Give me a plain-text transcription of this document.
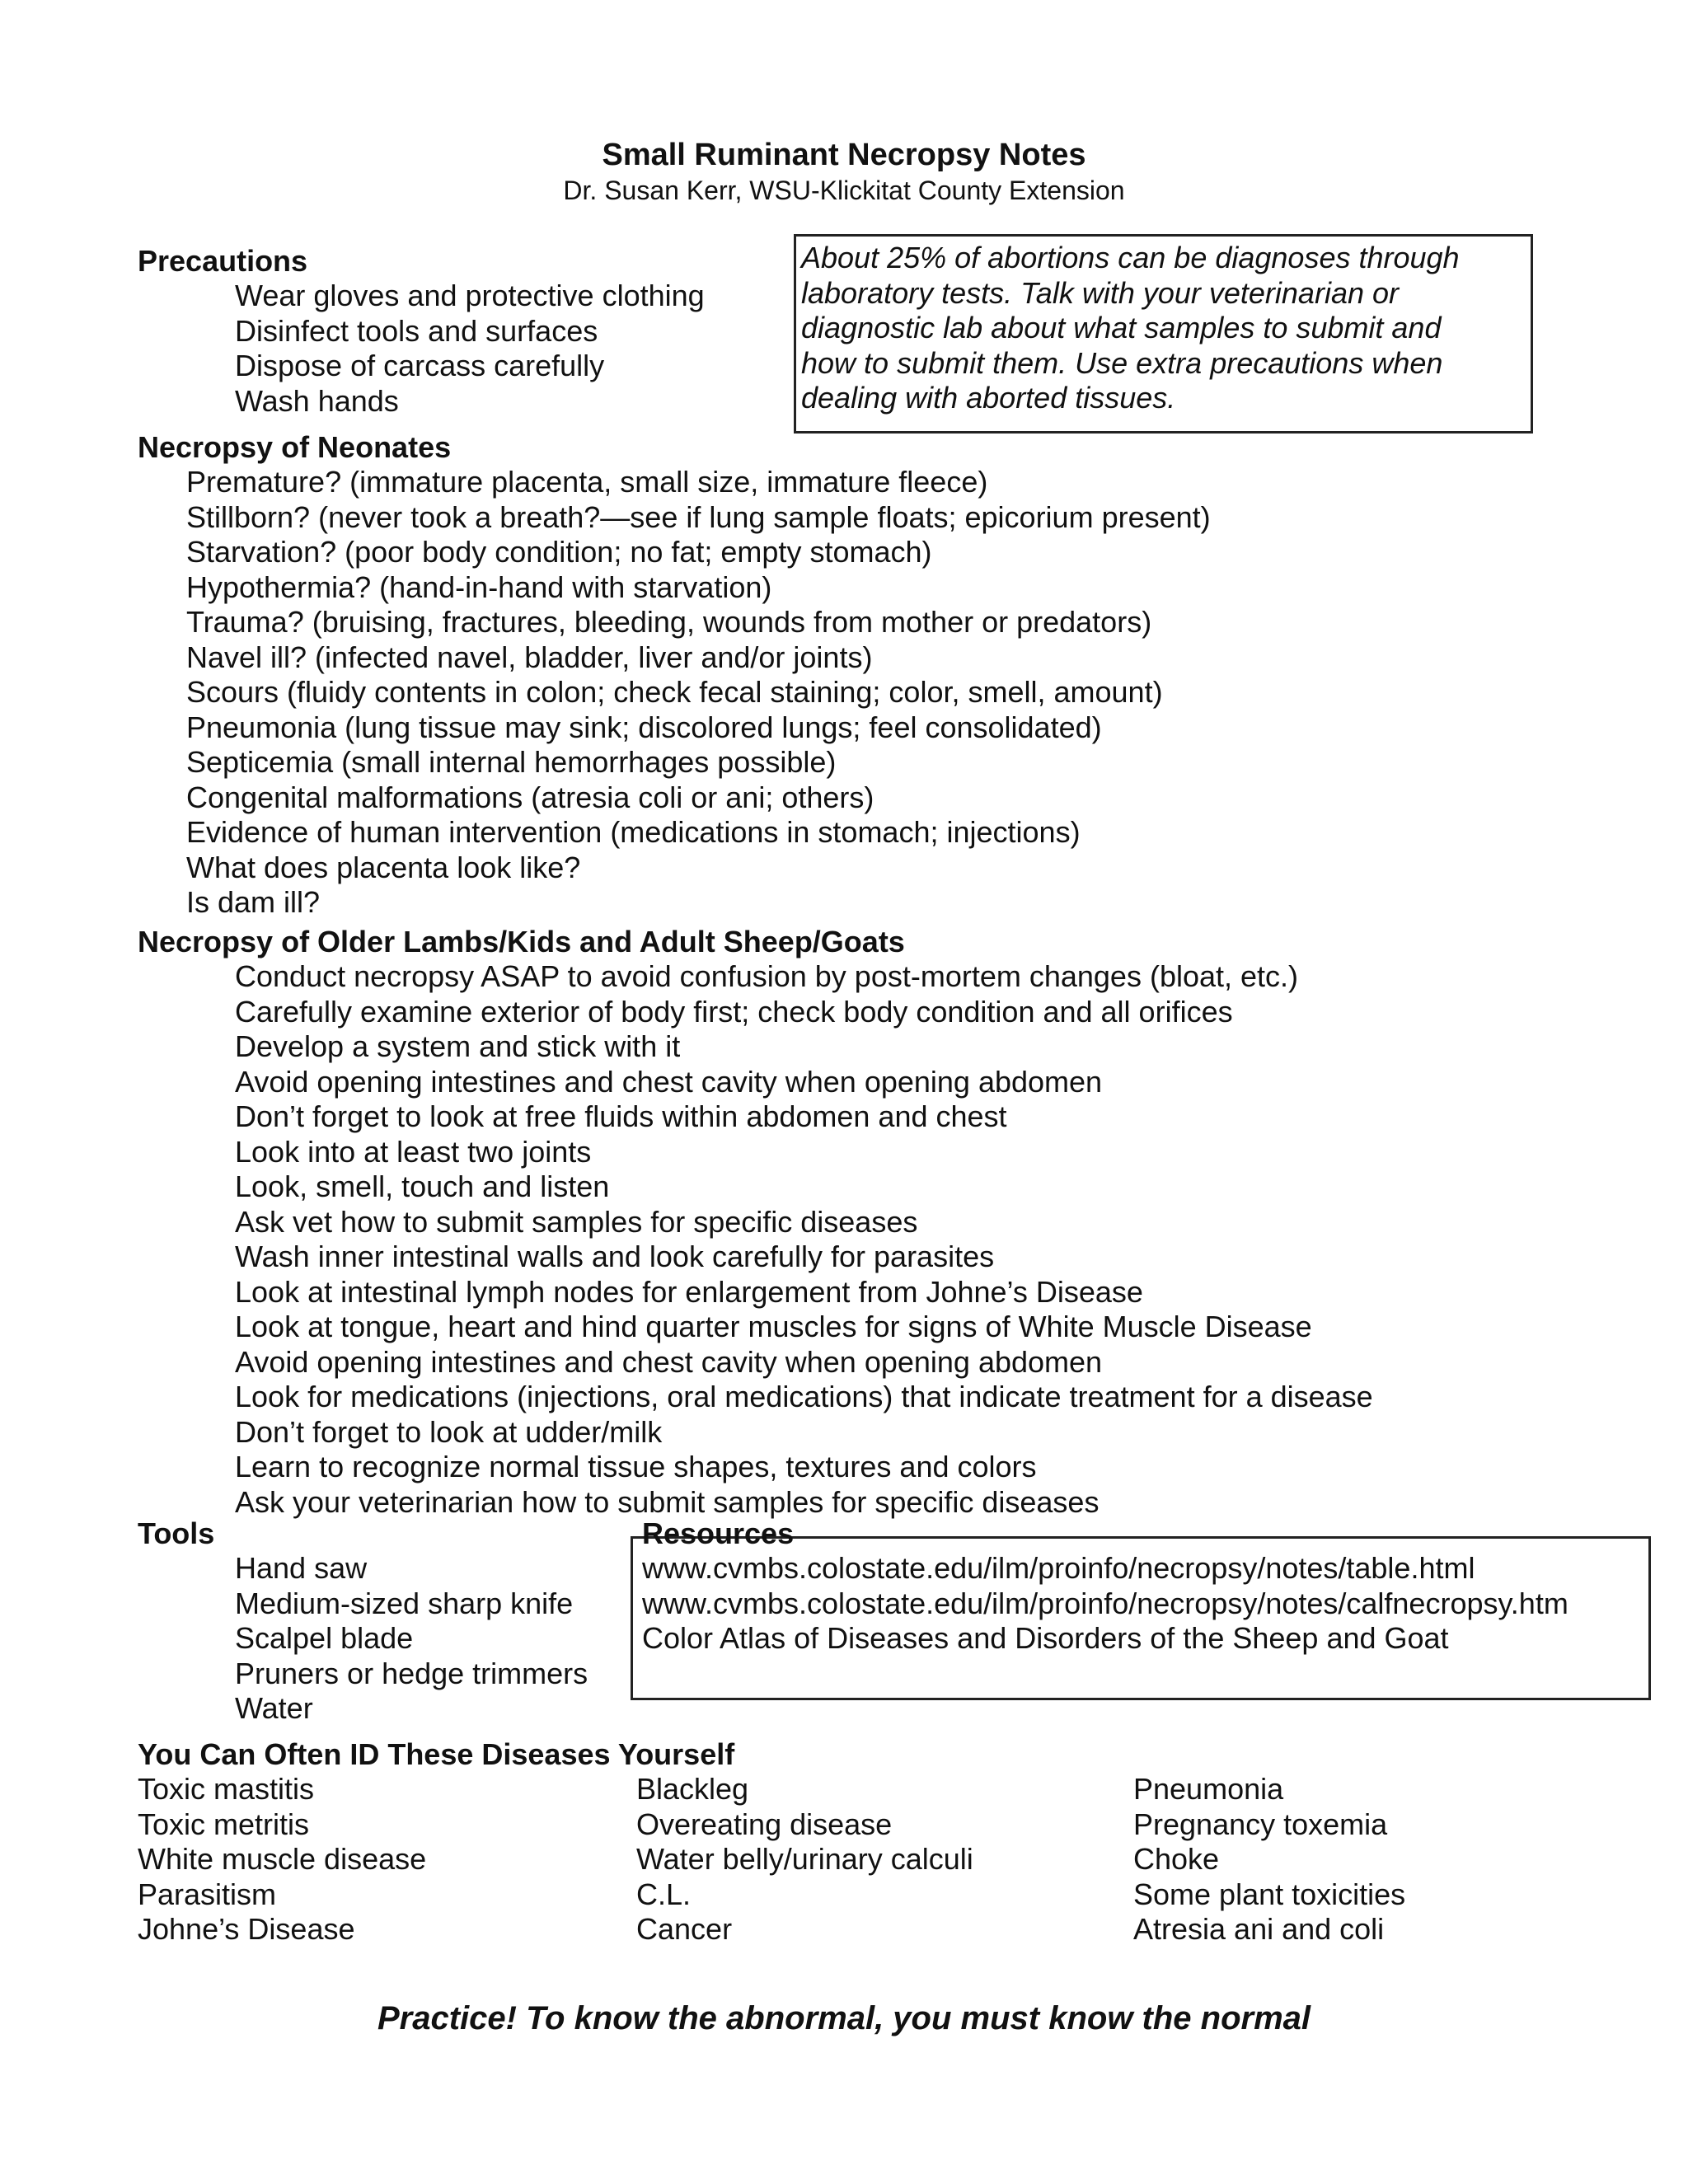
Small Ruminant Necropsy Notes
Dr. Susan Kerr, WSU-Klickitat County Extension
Precautions
Wear gloves and protective clothing
Disinfect tools and surfaces
Dispose of carcass carefully
Wash hands
About 25% of abortions can be diagnoses through
laboratory tests. Talk with your veterinarian or
diagnostic lab about what samples to submit and
how to submit them. Use extra precautions when
dealing with aborted tissues.
Necropsy of Neonates
Premature? (immature placenta, small size, immature fleece)
Stillborn? (never took a breath?—see if lung sample floats; epicorium present)
Starvation? (poor body condition; no fat; empty stomach)
Hypothermia? (hand-in-hand with starvation)
Trauma? (bruising, fractures, bleeding, wounds from mother or predators)
Navel ill? (infected navel, bladder, liver and/or joints)
Scours (fluidy contents in colon; check fecal staining; color, smell, amount)
Pneumonia (lung tissue may sink; discolored lungs; feel consolidated)
Septicemia (small internal hemorrhages possible)
Congenital malformations (atresia coli or ani; others)
Evidence of human intervention (medications in stomach; injections)
What does placenta look like?
Is dam ill?
Necropsy of Older Lambs/Kids and Adult Sheep/Goats
Conduct necropsy ASAP to avoid confusion by post-mortem changes (bloat, etc.)
Carefully examine exterior of body first; check body condition and all orifices
Develop a system and stick with it
Avoid opening intestines and chest cavity when opening abdomen
Don’t forget to look at free fluids within abdomen and chest
Look into at least two joints
Look, smell, touch and listen
Ask vet how to submit samples for specific diseases
Wash inner intestinal walls and look carefully for parasites
Look at intestinal lymph nodes for enlargement from Johne’s Disease
Look at tongue, heart and hind quarter muscles for signs of White Muscle Disease
Avoid opening intestines and chest cavity when opening abdomen
Look for medications (injections, oral medications) that indicate treatment for a disease
Don’t forget to look at udder/milk
Learn to recognize normal tissue shapes, textures and colors
Ask your veterinarian how to submit samples for specific diseases
Tools
Hand saw
Medium-sized sharp knife
Scalpel blade
Pruners or hedge trimmers
Water
Resources
www.cvmbs.colostate.edu/ilm/proinfo/necropsy/notes/table.html
www.cvmbs.colostate.edu/ilm/proinfo/necropsy/notes/calfnecropsy.htm
Color Atlas of Diseases and Disorders of the Sheep and Goat
You Can Often ID These Diseases Yourself
Toxic mastitis
Toxic metritis
White muscle disease
Parasitism
Johne’s Disease
Blackleg
Overeating disease
Water belly/urinary calculi
C.L.
Cancer
Pneumonia
Pregnancy toxemia
Choke
Some plant toxicities
Atresia ani and coli
Practice! To know the abnormal, you must know the normal
